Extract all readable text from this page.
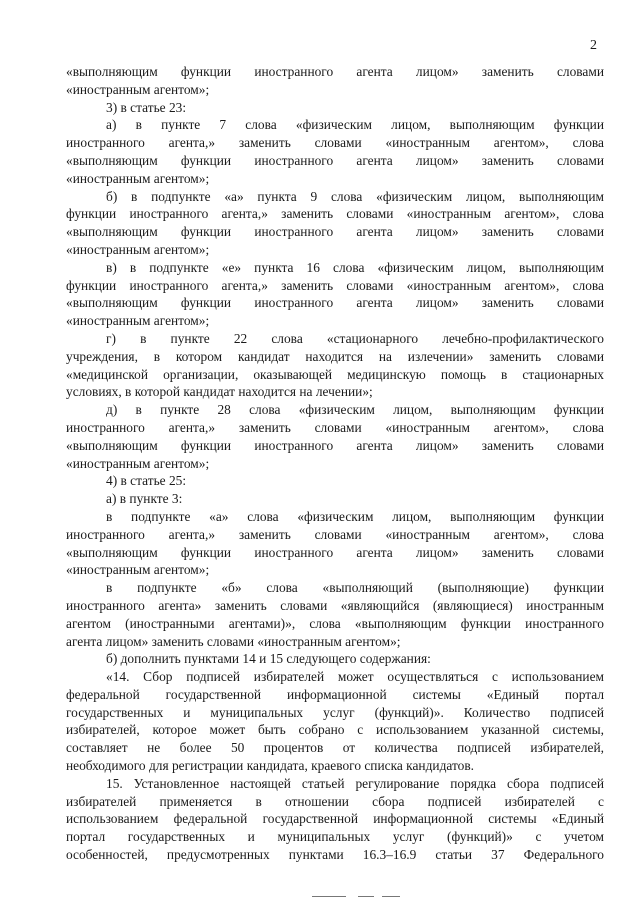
2

«выполняющим функции иностранного агента лицом» заменить словами

«иностранным агентом»;

3) в статье 23:

а) в пункте 7 слова «физическим лицом, выполняющим функции

иностранного агента,» заменить словами «иностранным агентом», слова

«выполняющим функции иностранного агента лицом» заменить словами

«иностранным агентом»;

б) в подпункте «а» пункта 9 слова «физическим лицом, выполняющим

функции иностранного агента,» заменить словами «иностранным агентом», слова

«выполняющим функции иностранного агента лицом» заменить словами

«иностранным агентом»;

в) в подпункте «е» пункта 16 слова «физическим лицом, выполняющим

функции иностранного агента,» заменить словами «иностранным агентом», слова

«выполняющим функции иностранного агента лицом» заменить словами

«иностранным агентом»;

г) в пункте 22 слова «стационарного лечебно-профилактического

учреждения, в котором кандидат находится на излечении» заменить словами

«медицинской организации, оказывающей медицинскую помощь в стационарных

условиях, в которой кандидат находится на лечении»;

д) в пункте 28 слова «физическим лицом, выполняющим функции

иностранного агента,» заменить словами «иностранным агентом», слова

«выполняющим функции иностранного агента лицом» заменить словами

«иностранным агентом»;

4) в статье 25:

а) в пункте 3:

в подпункте «а» слова «физическим лицом, выполняющим функции

иностранного агента,» заменить словами «иностранным агентом», слова

«выполняющим функции иностранного агента лицом» заменить словами

«иностранным агентом»;

в подпункте «б» слова «выполняющий (выполняющие) функции

иностранного агента» заменить словами «являющийся (являющиеся) иностранным

агентом (иностранными агентами)», слова «выполняющим функции иностранного

агента лицом» заменить словами «иностранным агентом»;

б) дополнить пунктами 14 и 15 следующего содержания:

«14. Сбор подписей избирателей может осуществляться с использованием

федеральной государственной информационной системы «Единый портал

государственных и муниципальных услуг (функций)». Количество подписей

избирателей, которое может быть собрано с использованием указанной системы,

составляет не более 50 процентов от количества подписей избирателей,

необходимого для регистрации кандидата, краевого списка кандидатов.

15. Установленное настоящей статьей регулирование порядка сбора подписей

избирателей применяется в отношении сбора подписей избирателей с

использованием федеральной государственной информационной системы «Единый

портал государственных и муниципальных услуг (функций)» с учетом

особенностей, предусмотренных пунктами 16.3–16.9 статьи 37 Федерального
